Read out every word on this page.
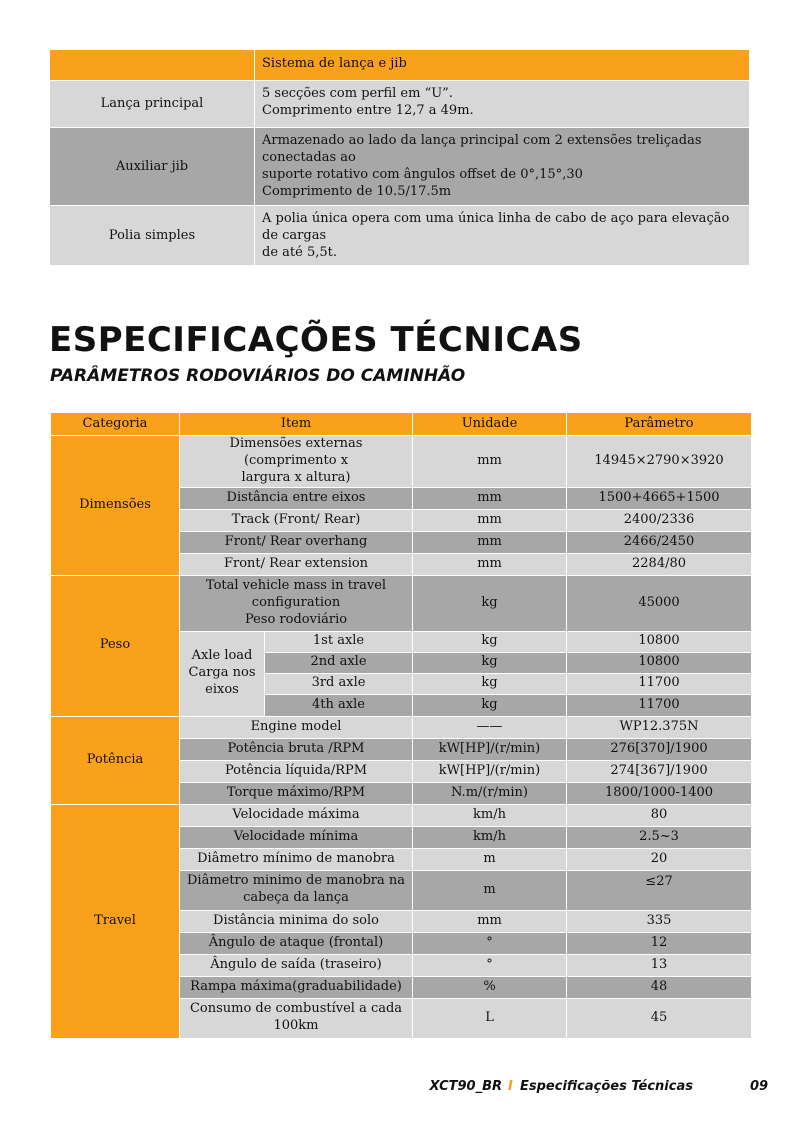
	Sistema de lança e jib
Lança principal	5 secções com perfil em “U”.
Comprimento entre 12,7 a 49m.

Auxiliar jib	Armazenado ao lado da lança principal com 2 extensões treliçadas conectadas ao
suporte rotativo com ângulos offset de 0°,15°,30
Comprimento de 10.5/17.5m

Polia simples	A polia única opera com uma única linha de cabo de aço para elevação de cargas
de até 5,5t.
ESPECIFICAÇÕES TÉCNICAS
PARÂMETROS RODOVIÁRIOS DO CAMINHÃO
Categoria	Item		Unidade	Parâmetro
Dimensões	Dimensões externas (comprimento x
largura x altura)		mm	14945×2790×3920
	Distância entre eixos		mm	1500+4665+1500
	Track (Front/ Rear)		mm	2400/2336
	Front/ Rear overhang		mm	2466/2450
	Front/ Rear extension		mm	2284/80
Peso	Total vehicle mass in travel
configuration
Peso rodoviário		kg	45000

	Axle load
Carga nos
eixos	1st axle	kg	10800
		2nd axle	kg	10800
		3rd axle	kg	11700
		4th axle	kg	11700
Potência	Engine model		——	WP12.375N
	Potência bruta /RPM		kW[HP]/(r/min)	276[370]/1900
	Potência líquida/RPM		kW[HP]/(r/min)	274[367]/1900
	Torque máximo/RPM		N.m/(r/min)	1800/1000-1400
Travel	Velocidade máxima		km/h	80
	Velocidade mínima		km/h	2.5~3
	Diâmetro mínimo de manobra		m	20

	Diâmetro minimo de manobra na
cabeça da lança		m	≤27
	Distância minima do solo		mm	335
	Ângulo de ataque (frontal)		°	12
	Ângulo de saída (traseiro)		°	13
	Rampa máxima(graduabilidade)		%	48

	Consumo de combustível a cada
100km		L	45
XCT90_BR I Especificações Técnicas	09
